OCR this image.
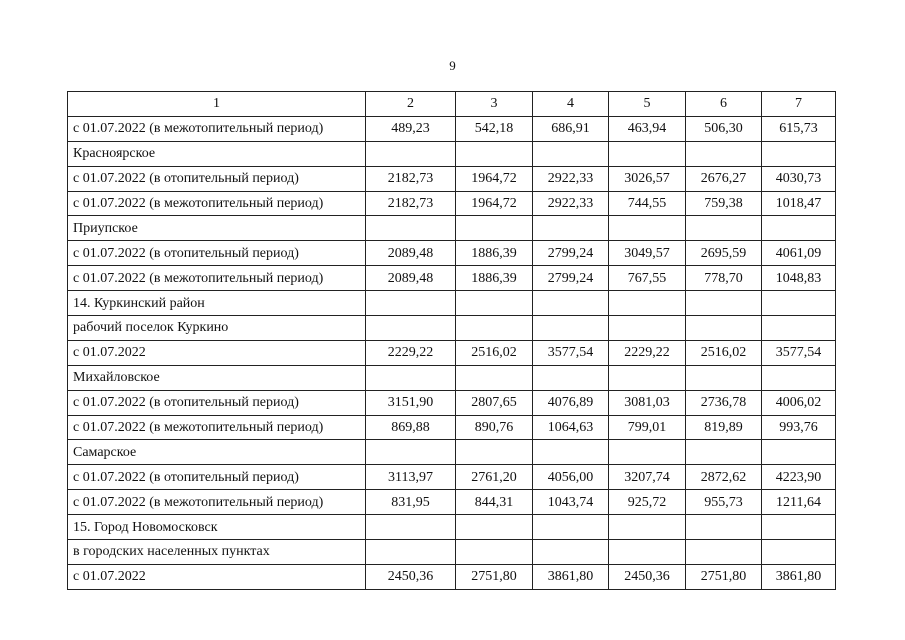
9
1	2	3	4	5	6	7
с 01.07.2022 (в межотопительный период)	489,23	542,18	686,91	463,94	506,30	615,73
Красноярское						
с 01.07.2022 (в отопительный период)	2182,73	1964,72	2922,33	3026,57	2676,27	4030,73
с 01.07.2022 (в межотопительный период)	2182,73	1964,72	2922,33	744,55	759,38	1018,47
Приупское						
с 01.07.2022 (в отопительный период)	2089,48	1886,39	2799,24	3049,57	2695,59	4061,09
с 01.07.2022 (в межотопительный период)	2089,48	1886,39	2799,24	767,55	778,70	1048,83
14. Куркинский район						
рабочий поселок Куркино						
с 01.07.2022	2229,22	2516,02	3577,54	2229,22	2516,02	3577,54
Михайловское						
с 01.07.2022 (в отопительный период)	3151,90	2807,65	4076,89	3081,03	2736,78	4006,02
с 01.07.2022 (в межотопительный период)	869,88	890,76	1064,63	799,01	819,89	993,76
Самарское						
с 01.07.2022 (в отопительный период)	3113,97	2761,20	4056,00	3207,74	2872,62	4223,90
с 01.07.2022 (в межотопительный период)	831,95	844,31	1043,74	925,72	955,73	1211,64
15. Город Новомосковск						
в городских населенных пунктах						
с 01.07.2022	2450,36	2751,80	3861,80	2450,36	2751,80	3861,80
